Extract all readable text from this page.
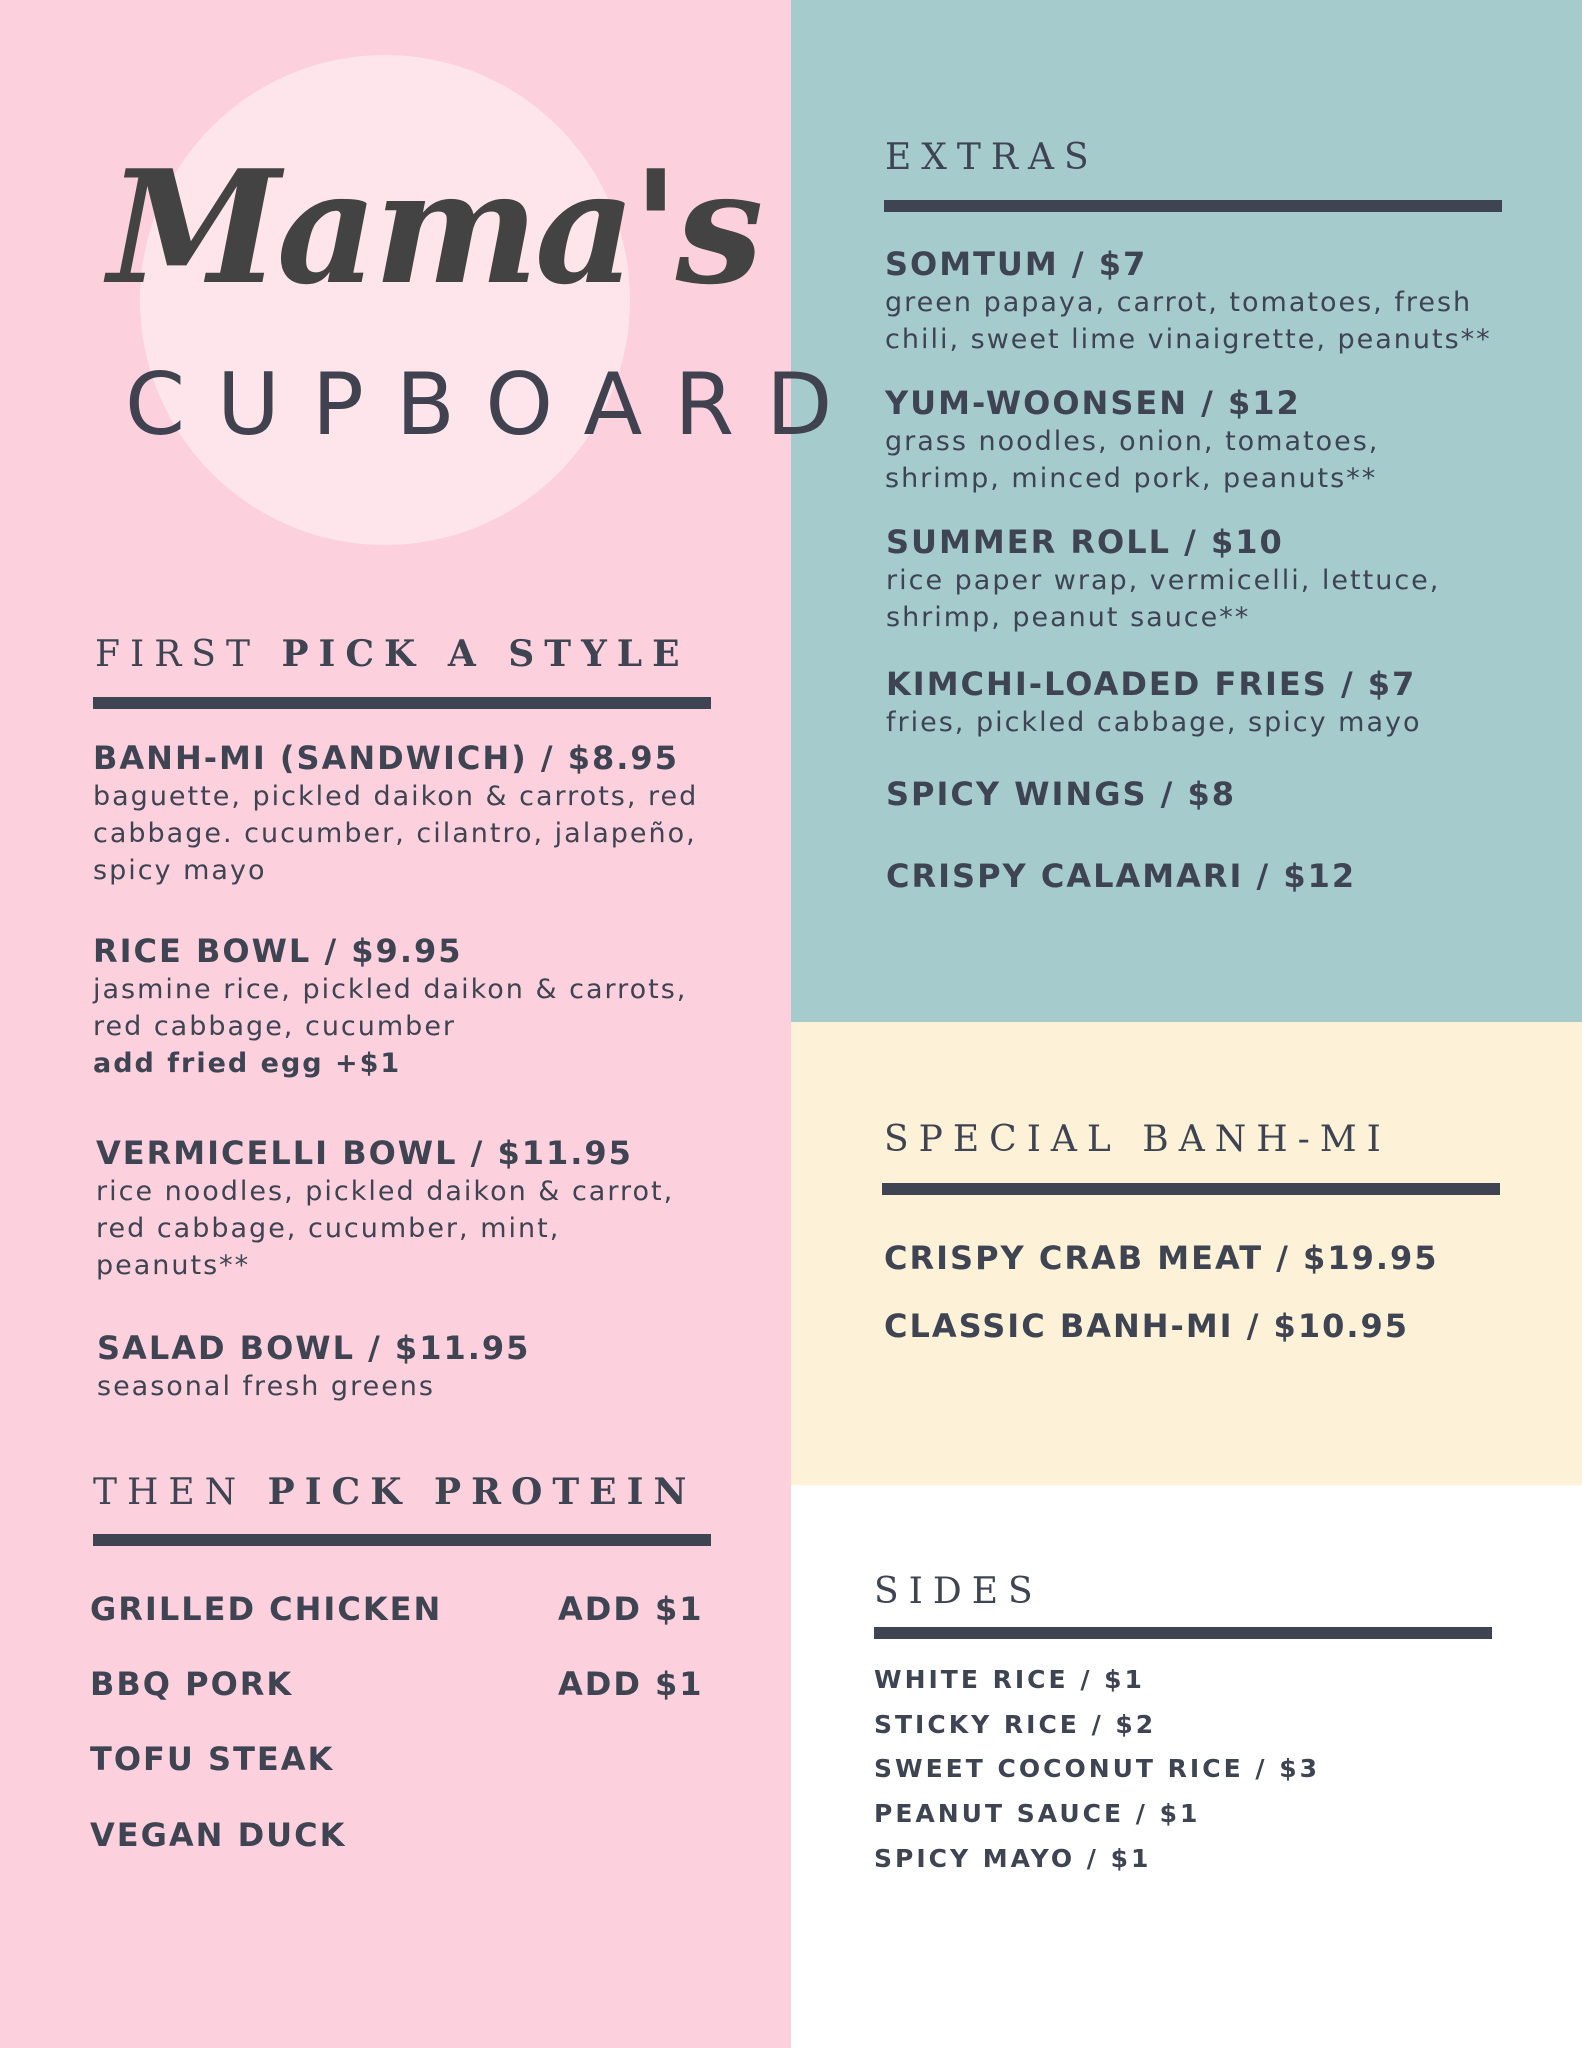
Mama's
CUPBOARD
FIRST PICK A STYLE
BANH-MI (SANDWICH) / $8.95
baguette, pickled daikon & carrots, red cabbage. cucumber, cilantro, jalapeño, spicy mayo
RICE BOWL / $9.95
jasmine rice, pickled daikon & carrots, red cabbage, cucumber
add fried egg +$1
VERMICELLI BOWL / $11.95
rice noodles, pickled daikon & carrot, red cabbage, cucumber, mint, peanuts**
SALAD BOWL / $11.95
seasonal fresh greens
THEN PICK PROTEIN
GRILLED CHICKEN	ADD $1
BBQ PORK	ADD $1
TOFU STEAK
VEGAN DUCK
EXTRAS
SOMTUM / $7
green papaya, carrot, tomatoes, fresh chili, sweet lime vinaigrette, peanuts**
YUM-WOONSEN / $12
grass noodles, onion, tomatoes, shrimp, minced pork, peanuts**
SUMMER ROLL / $10
rice paper wrap, vermicelli, lettuce, shrimp, peanut sauce**
KIMCHI-LOADED FRIES / $7
fries, pickled cabbage, spicy mayo
SPICY WINGS / $8
CRISPY CALAMARI / $12
SPECIAL BANH-MI
CRISPY CRAB MEAT / $19.95
CLASSIC BANH-MI / $10.95
SIDES
WHITE RICE / $1
STICKY RICE / $2
SWEET COCONUT RICE / $3
PEANUT SAUCE / $1
SPICY MAYO / $1
